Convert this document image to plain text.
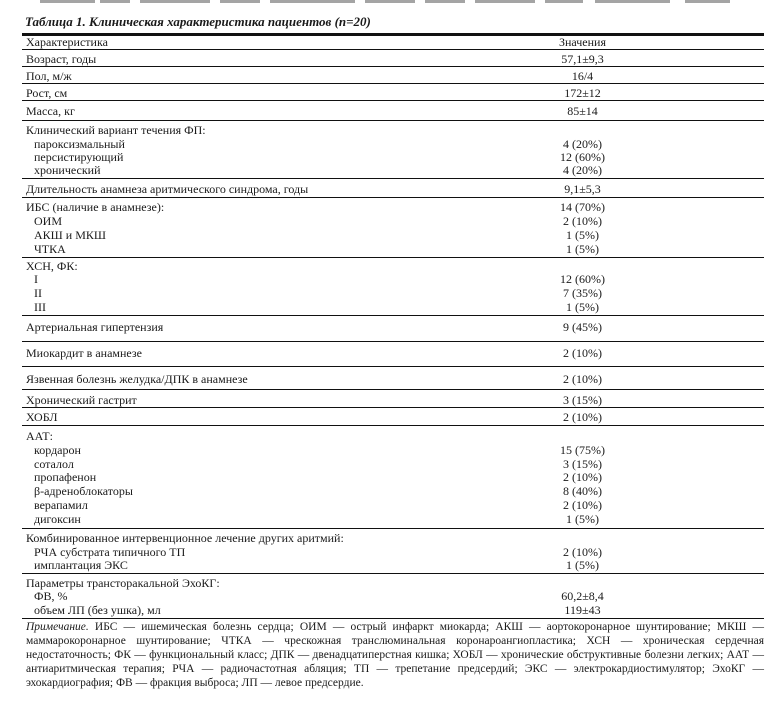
Таблица 1. Клиническая характеристика пациентов (n=20)
Характеристика	Значения
Возраст, годы	57,1±9,3
Пол, м/ж	16/4
Рост, см	172±12
Масса, кг	85±14
Клинический вариант течения ФП:
пароксизмальный	4 (20%)
персистирующий	12 (60%)
хронический	4 (20%)
Длительность анамнеза аритмического синдрома, годы	9,1±5,3
ИБС (наличие в анамнезе):	14 (70%)
ОИМ	2 (10%)
АКШ и МКШ	1 (5%)
ЧТКА	1 (5%)
ХСН, ФК:
I	12 (60%)
II	7 (35%)
III	1 (5%)
Артериальная гипертензия	9 (45%)
Миокардит в анамнезе	2 (10%)
Язвенная болезнь желудка/ДПК в анамнезе	2 (10%)
Хронический гастрит	3 (15%)
ХОБЛ	2 (10%)
ААТ:
кордарон	15 (75%)
соталол	3 (15%)
пропафенон	2 (10%)
β-адреноблокаторы	8 (40%)
верапамил	2 (10%)
дигоксин	1 (5%)
Комбинированное интервенционное лечение других аритмий:
РЧА субстрата типичного ТП	2 (10%)
имплантация ЭКС	1 (5%)
Параметры трансторакальной ЭхоКГ:
ФВ, %	60,2±8,4
объем ЛП (без ушка), мл	119±43
Примечание. ИБС — ишемическая болезнь сердца; ОИМ — острый инфаркт миокарда; АКШ — аортокоронарное шунтирование; МКШ — маммарокоронарное шунтирование; ЧТКА — чрескожная транслюминальная коронароангиопластика; ХСН — хроническая сердечная недостаточность; ФК — функциональный класс; ДПК — двенадцатиперстная кишка; ХОБЛ — хронические обструктивные болезни легких; ААТ — антиаритмическая терапия; РЧА — радиочастотная абляция; ТП — трепетание предсердий; ЭКС — электрокардиостимулятор; ЭхоКГ — эхокардиография; ФВ — фракция выброса; ЛП — левое предсердие.
